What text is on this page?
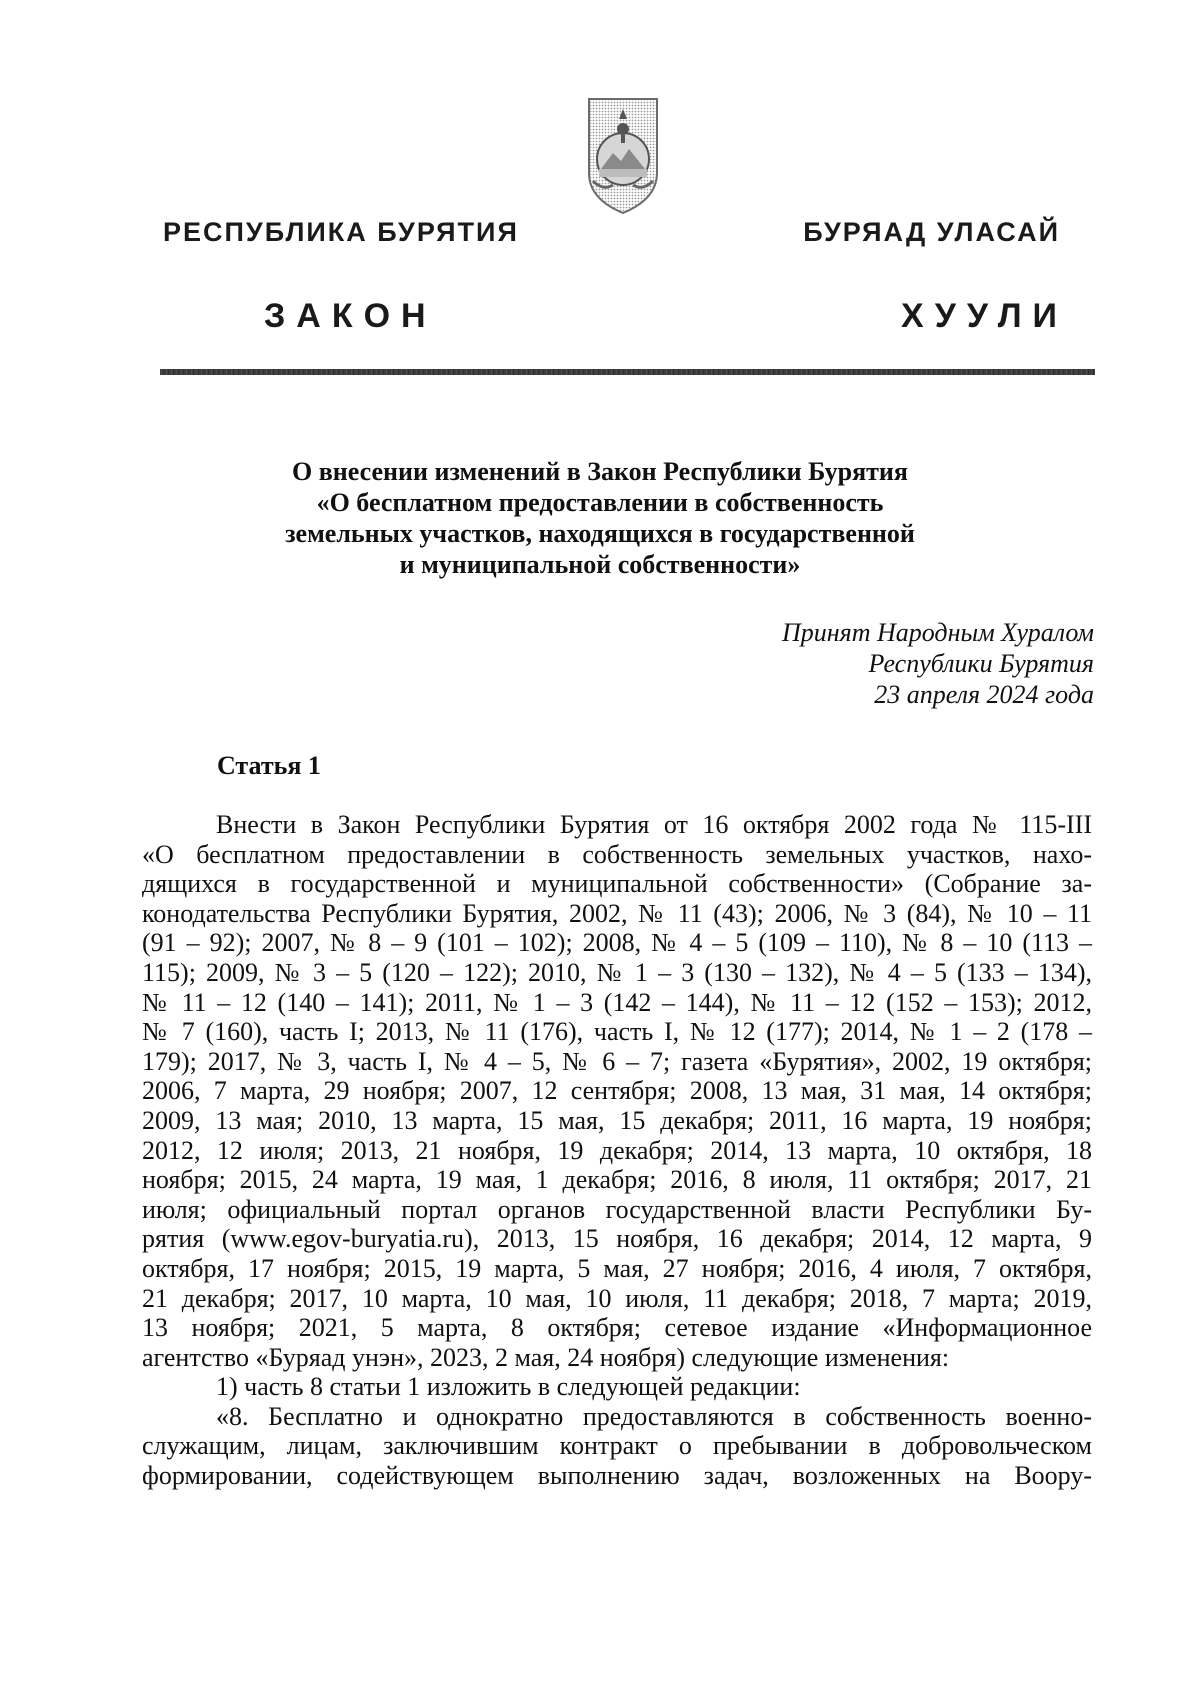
РЕСПУБЛИКА БУРЯТИЯ	БУРЯАД УЛАСАЙ
ЗАКОН	ХУУЛИ
О внесении изменений в Закон Республики Бурятия
«О бесплатном предоставлении в собственность
земельных участков, находящихся в государственной
и муниципальной собственности»
Принят Народным Хуралом
Республики Бурятия
23 апреля 2024 года
Статья 1
Внести в Закон Республики Бурятия от 16 октября 2002 года № 115-III
«О бесплатном предоставлении в собственность земельных участков, нахо-
дящихся в государственной и муниципальной собственности» (Собрание за-
конодательства Республики Бурятия, 2002, № 11 (43); 2006, № 3 (84), № 10 – 11
(91 – 92); 2007, № 8 – 9 (101 – 102); 2008, № 4 – 5 (109 – 110), № 8 – 10 (113 –
115); 2009, № 3 – 5 (120 – 122); 2010, № 1 – 3 (130 – 132), № 4 – 5 (133 – 134),
№ 11 – 12 (140 – 141); 2011, № 1 – 3 (142 – 144), № 11 – 12 (152 – 153); 2012,
№ 7 (160), часть I; 2013, № 11 (176), часть I, № 12 (177); 2014, № 1 – 2 (178 –
179); 2017, № 3, часть I, № 4 – 5, № 6 – 7; газета «Бурятия», 2002, 19 октября;
2006, 7 марта, 29 ноября; 2007, 12 сентября; 2008, 13 мая, 31 мая, 14 октября;
2009, 13 мая; 2010, 13 марта, 15 мая, 15 декабря; 2011, 16 марта, 19 ноября;
2012, 12 июля; 2013, 21 ноября, 19 декабря; 2014, 13 марта, 10 октября, 18
ноября; 2015, 24 марта, 19 мая, 1 декабря; 2016, 8 июля, 11 октября; 2017, 21
июля; официальный портал органов государственной власти Республики Бу-
рятия (www.egov-buryatia.ru), 2013, 15 ноября, 16 декабря; 2014, 12 марта, 9
октября, 17 ноября; 2015, 19 марта, 5 мая, 27 ноября; 2016, 4 июля, 7 октября,
21 декабря; 2017, 10 марта, 10 мая, 10 июля, 11 декабря; 2018, 7 марта; 2019,
13 ноября; 2021, 5 марта, 8 октября; сетевое издание «Информационное
агентство «Буряад унэн», 2023, 2 мая, 24 ноября) следующие изменения:
1) часть 8 статьи 1 изложить в следующей редакции:
«8. Бесплатно и однократно предоставляются в собственность военно-
служащим, лицам, заключившим контракт о пребывании в добровольческом
формировании, содействующем выполнению задач, возложенных на Воору-
